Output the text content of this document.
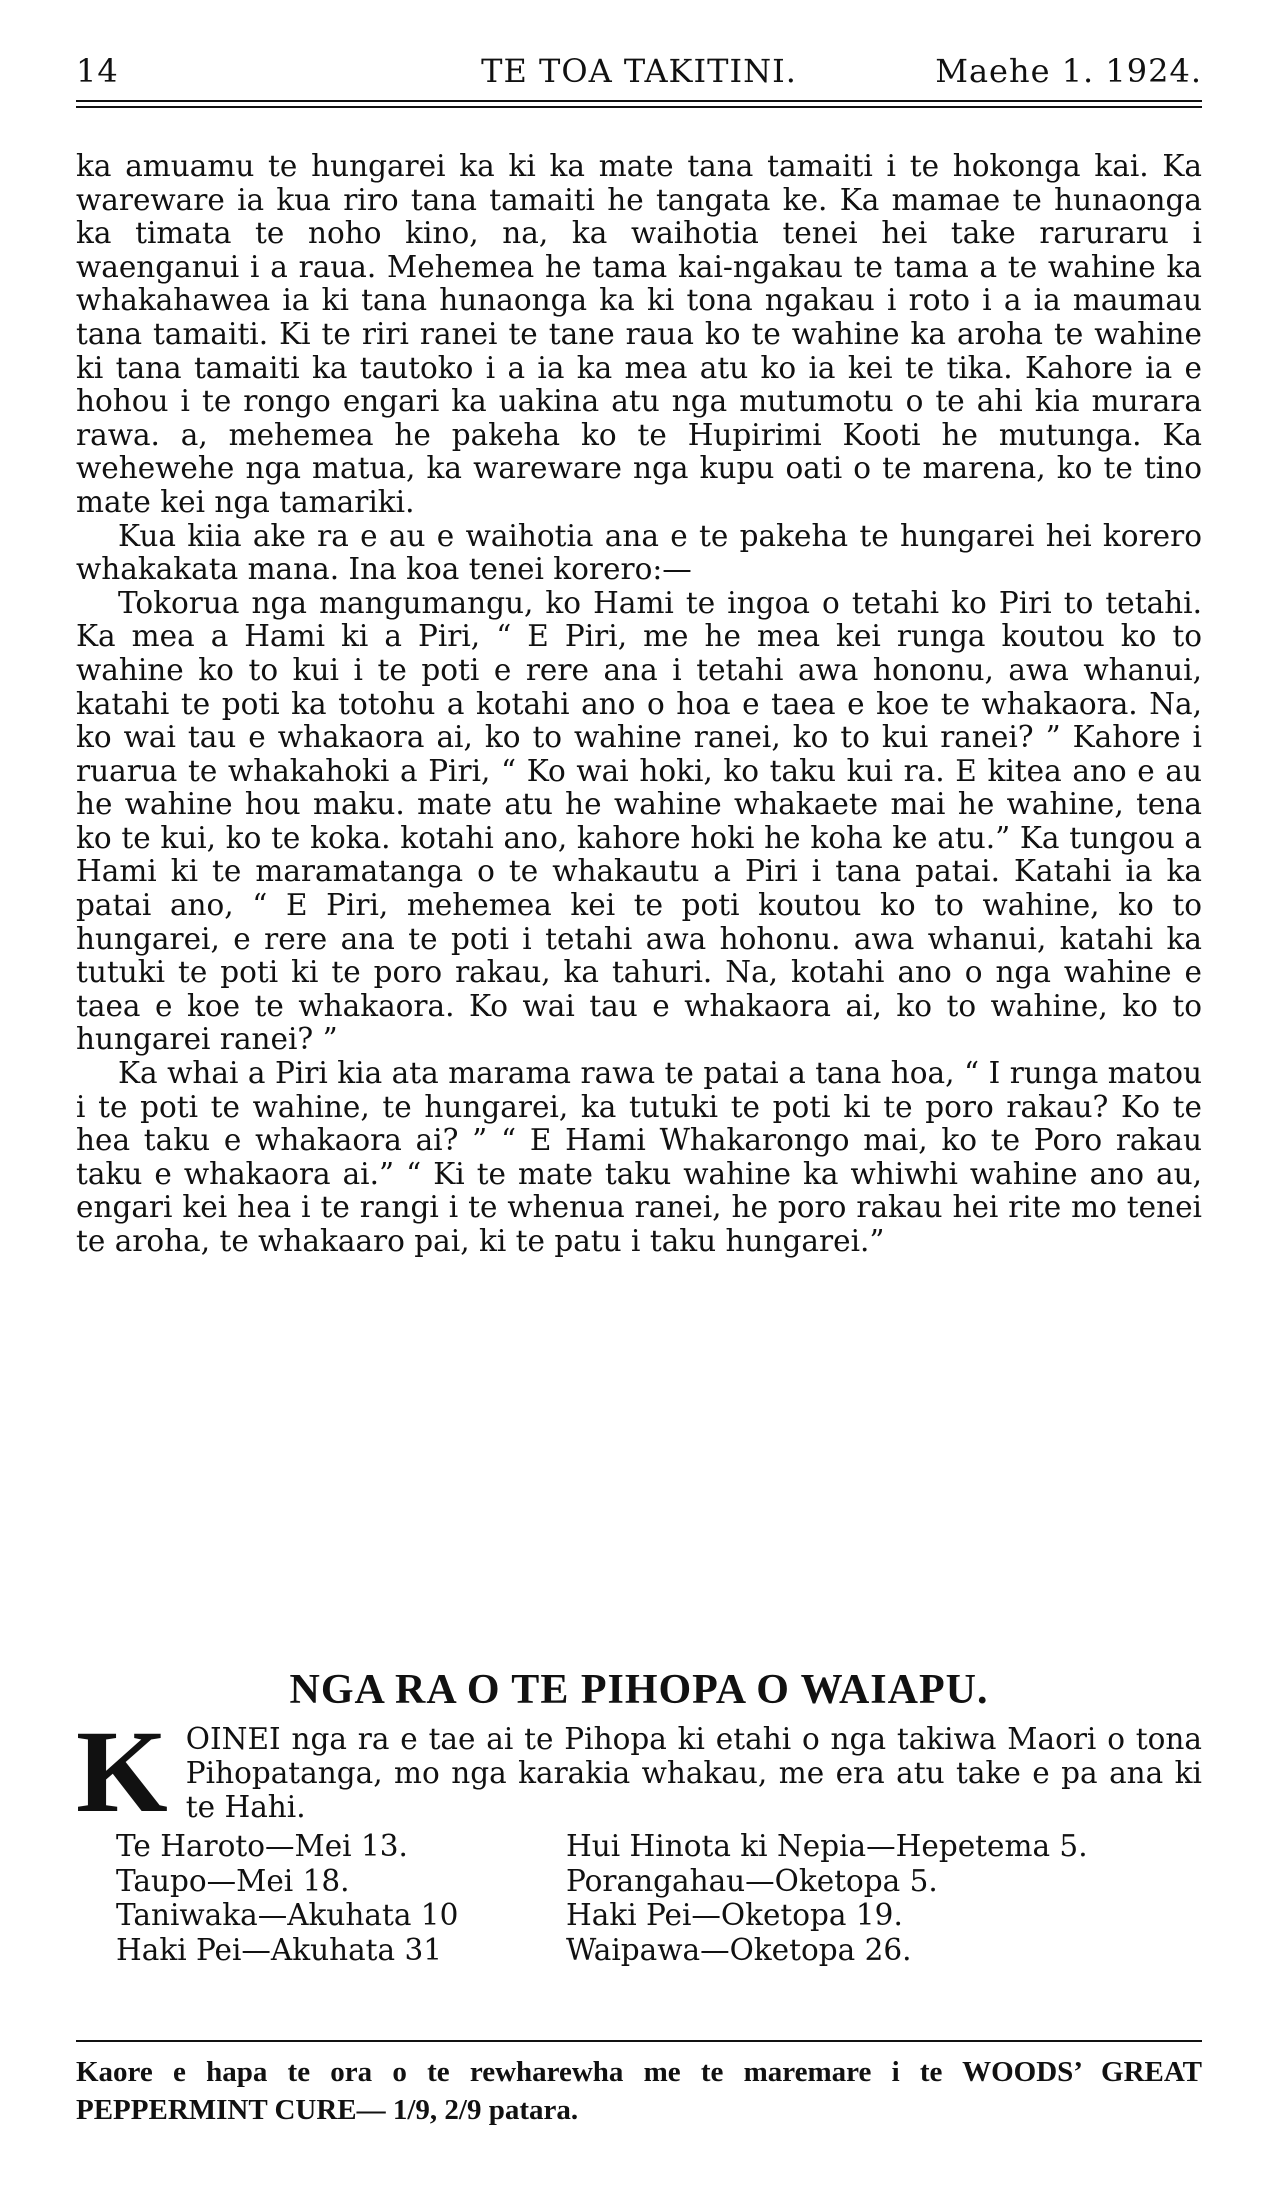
14	TE TOA TAKITINI.	Maehe 1. 1924.

ka amuamu te hungarei ka ki ka mate tana tamaiti i te hokonga kai. Ka wareware ia kua riro tana tamaiti he tangata ke. Ka mamae te hunaonga ka timata te noho kino, na, ka waihotia tenei hei take raruraru i waenganui i a raua. Mehemea he tama kai-ngakau te tama a te wahine ka whakahawea ia ki tana hunaonga ka ki tona ngakau i roto i a ia maumau tana tamaiti. Ki te riri ranei te tane raua ko te wahine ka aroha te wahine ki tana tamaiti ka tautoko i a ia ka mea atu ko ia kei te tika. Kahore ia e hohou i te rongo engari ka uakina atu nga mutumotu o te ahi kia murara rawa. a, mehemea he pakeha ko te Hupirimi Kooti he mutunga. Ka wehewehe nga matua, ka wareware nga kupu oati o te marena, ko te tino mate kei nga tamariki.

Kua kiia ake ra e au e waihotia ana e te pakeha te hungarei hei korero whakakata mana. Ina koa tenei korero:—

Tokorua nga mangumangu, ko Hami te ingoa o tetahi ko Piri to tetahi. Ka mea a Hami ki a Piri, “ E Piri, me he mea kei runga koutou ko to wahine ko to kui i te poti e rere ana i tetahi awa hononu, awa whanui, katahi te poti ka totohu a kotahi ano o hoa e taea e koe te whakaora. Na, ko wai tau e whakaora ai, ko to wahine ranei, ko to kui ranei? ” Kahore i ruarua te whakahoki a Piri, “ Ko wai hoki, ko taku kui ra. E kitea ano e au he wahine hou maku. mate atu he wahine whakaete mai he wahine, tena ko te kui, ko te koka. kotahi ano, kahore hoki he koha ke atu.” Ka tungou a Hami ki te maramatanga o te whakautu a Piri i tana patai. Katahi ia ka patai ano, “ E Piri, mehemea kei te poti koutou ko to wahine, ko to hungarei, e rere ana te poti i tetahi awa hohonu. awa whanui, katahi ka tutuki te poti ki te poro rakau, ka tahuri. Na, kotahi ano o nga wahine e taea e koe te whakaora. Ko wai tau e whakaora ai, ko to wahine, ko to hungarei ranei? ”

Ka whai a Piri kia ata marama rawa te patai a tana hoa, “ I runga matou i te poti te wahine, te hungarei, ka tutuki te poti ki te poro rakau? Ko te hea taku e whakaora ai? ” “ E Hami Whakarongo mai, ko te Poro rakau taku e whakaora ai.” “ Ki te mate taku wahine ka whiwhi wahine ano au, engari kei hea i te rangi i te whenua ranei, he poro rakau hei rite mo tenei te aroha, te whakaaro pai, ki te patu i taku hungarei.”

NGA RA O TE PIHOPA O WAIAPU.
K OINEI nga ra e tae ai te Pihopa ki etahi o nga takiwa Maori o tona Pihopatanga, mo nga karakia whakau, me era atu take e pa ana ki te Hahi.
Te Haroto—Mei 13.	Hui Hinota ki Nepia—Hepetema 5.
Taupo—Mei 18.	Porangahau—Oketopa 5.
Taniwaka—Akuhata 10	Haki Pei—Oketopa 19.
Haki Pei—Akuhata 31	Waipawa—Oketopa 26.
Kaore e hapa te ora o te rewharewha me te maremare i te WOODS’ GREAT PEPPERMINT CURE— 1/9, 2/9 patara.
